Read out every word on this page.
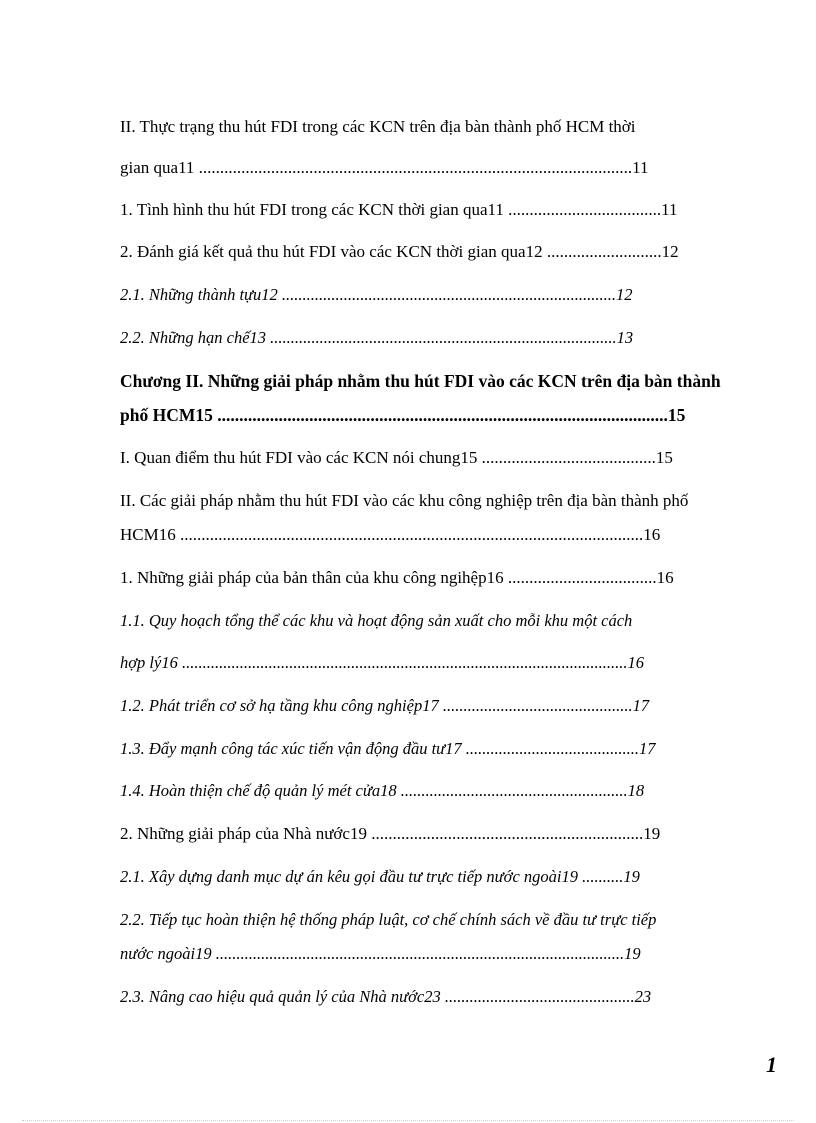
II. Thực trạng thu hút FDI trong các KCN trên địa bàn thành phố HCM thời
gian qua11 ......................................................................................................11
1. Tình hình thu hút FDI trong các KCN thời gian qua11 ....................................11
2. Đánh giá kết quả thu hút FDI vào các KCN thời gian qua12 ...........................12
2.1. Những thành tựu12 .................................................................................12
2.2. Những hạn chế13 ....................................................................................13
Chương II. Những giải pháp nhằm thu hút FDI vào các KCN trên địa bàn thành
phố HCM15 .......................................................................................................15
I. Quan điểm thu hút FDI vào các KCN nói chung15 .........................................15
II. Các giải pháp nhằm thu hút FDI vào các khu công nghiệp trên địa bàn thành phố
HCM16 .............................................................................................................16
1. Những giải pháp của bản thân của khu công ngihệp16 ...................................16
1.1. Quy hoạch tổng thể các khu và hoạt động sản xuất cho mỗi khu một cách
hợp lý16 ............................................................................................................16
1.2. Phát triển cơ sở hạ tầng khu công nghiệp17 ..............................................17
1.3. Đẩy mạnh công tác xúc tiến vận động đầu tư17 ..........................................17
1.4. Hoàn thiện chế độ quản lý mét cửa18 .......................................................18
2. Những giải pháp của Nhà nước19 ................................................................19
2.1. Xây dựng danh mục dự án kêu gọi đầu tư trực tiếp nước ngoài19 ..........19
2.2. Tiếp tục hoàn thiện hệ thống pháp luật, cơ chế chính sách về đầu tư trực tiếp
nước ngoài19 ...................................................................................................19
2.3. Nâng cao hiệu quả quản lý của Nhà nước23 ..............................................23
1
